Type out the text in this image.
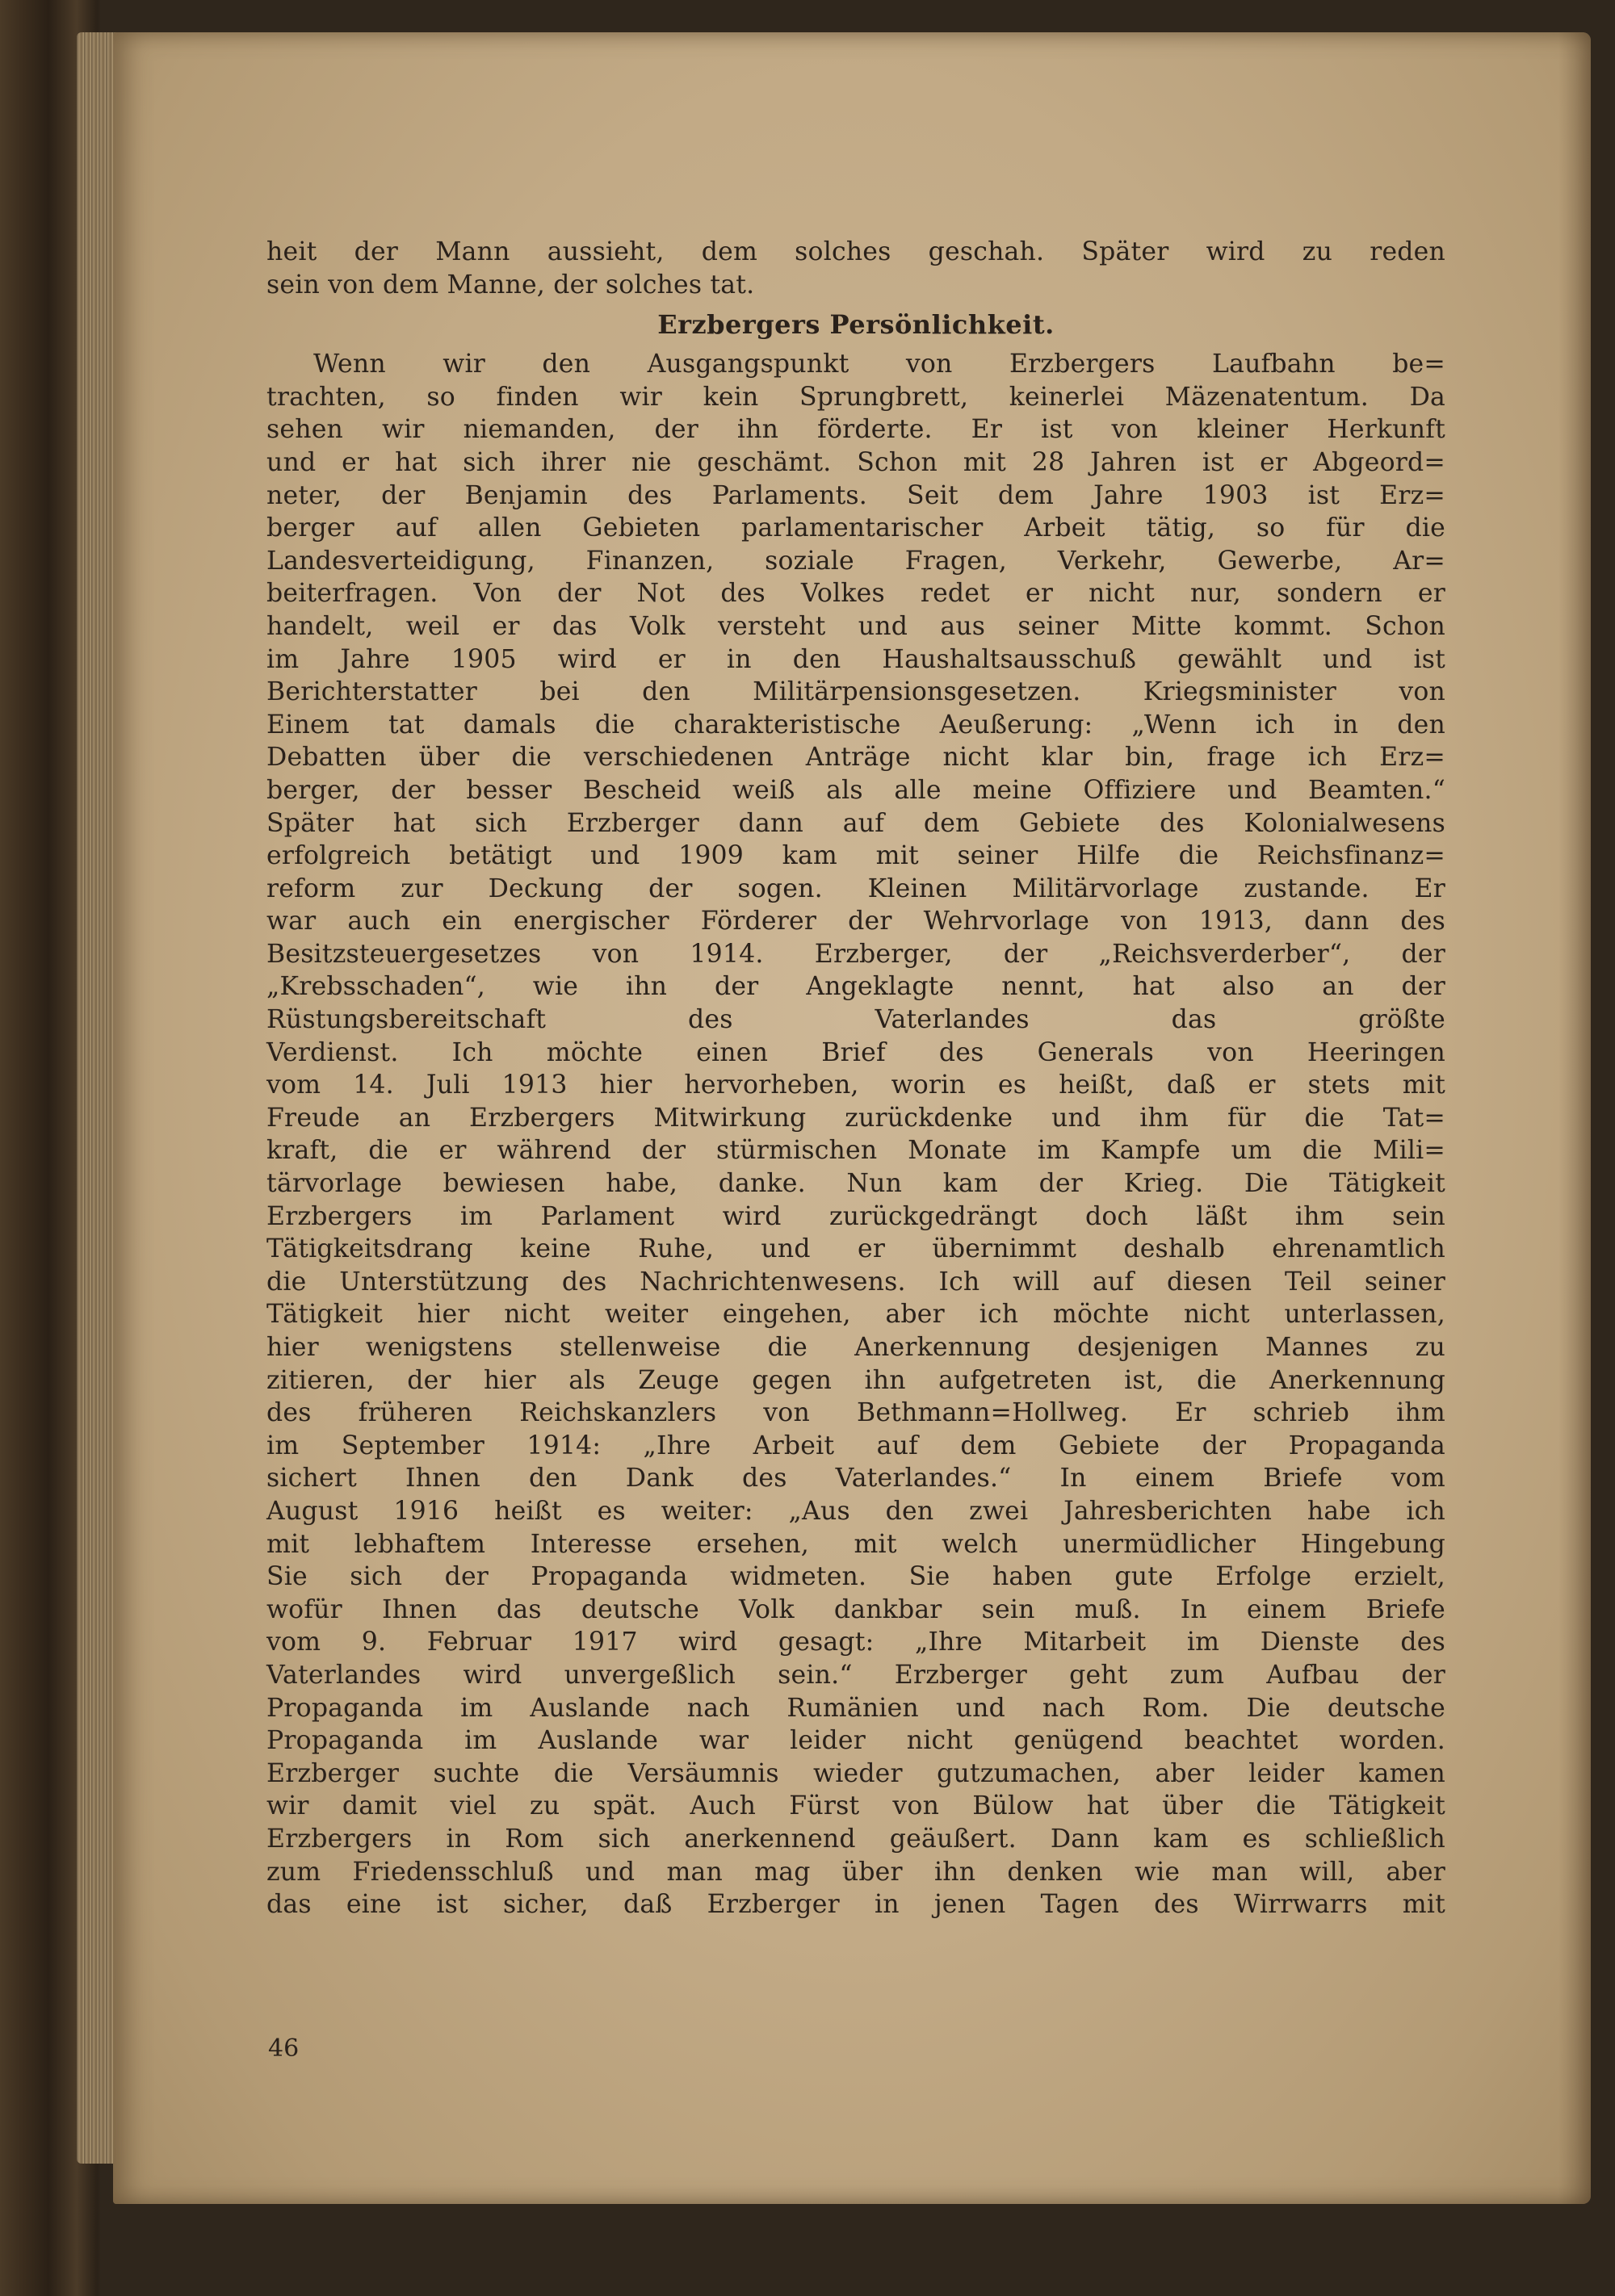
heit der Mann aussieht, dem solches geschah. Später wird zu reden
sein von dem Manne, der solches tat.
Erzbergers Persönlichkeit.
Wenn wir den Ausgangspunkt von Erzbergers Laufbahn be=
trachten, so finden wir kein Sprungbrett, keinerlei Mäzenatentum. Da
sehen wir niemanden, der ihn förderte. Er ist von kleiner Herkunft
und er hat sich ihrer nie geschämt. Schon mit 28 Jahren ist er Abgeord=
neter, der Benjamin des Parlaments. Seit dem Jahre 1903 ist Erz=
berger auf allen Gebieten parlamentarischer Arbeit tätig, so für die
Landesverteidigung, Finanzen, soziale Fragen, Verkehr, Gewerbe, Ar=
beiterfragen. Von der Not des Volkes redet er nicht nur, sondern er
handelt, weil er das Volk versteht und aus seiner Mitte kommt. Schon
im Jahre 1905 wird er in den Haushaltsausschuß gewählt und ist
Berichterstatter bei den Militärpensionsgesetzen. Kriegsminister von
Einem tat damals die charakteristische Aeußerung: „Wenn ich in den
Debatten über die verschiedenen Anträge nicht klar bin, frage ich Erz=
berger, der besser Bescheid weiß als alle meine Offiziere und Beamten.“
Später hat sich Erzberger dann auf dem Gebiete des Kolonialwesens
erfolgreich betätigt und 1909 kam mit seiner Hilfe die Reichsfinanz=
reform zur Deckung der sogen. Kleinen Militärvorlage zustande. Er
war auch ein energischer Förderer der Wehrvorlage von 1913, dann des
Besitzsteuergesetzes von 1914. Erzberger, der „Reichsverderber“, der
„Krebsschaden“, wie ihn der Angeklagte nennt, hat also an der
Rüstungsbereitschaft des Vaterlandes das größte
Verdienst. Ich möchte einen Brief des Generals von Heeringen
vom 14. Juli 1913 hier hervorheben, worin es heißt, daß er stets mit
Freude an Erzbergers Mitwirkung zurückdenke und ihm für die Tat=
kraft, die er während der stürmischen Monate im Kampfe um die Mili=
tärvorlage bewiesen habe, danke. Nun kam der Krieg. Die Tätigkeit
Erzbergers im Parlament wird zurückgedrängt doch läßt ihm sein
Tätigkeitsdrang keine Ruhe, und er übernimmt deshalb ehrenamtlich
die Unterstützung des Nachrichtenwesens. Ich will auf diesen Teil seiner
Tätigkeit hier nicht weiter eingehen, aber ich möchte nicht unterlassen,
hier wenigstens stellenweise die Anerkennung desjenigen Mannes zu
zitieren, der hier als Zeuge gegen ihn aufgetreten ist, die Anerkennung
des früheren Reichskanzlers von Bethmann=Hollweg. Er schrieb ihm
im September 1914: „Ihre Arbeit auf dem Gebiete der Propaganda
sichert Ihnen den Dank des Vaterlandes.“ In einem Briefe vom
August 1916 heißt es weiter: „Aus den zwei Jahresberichten habe ich
mit lebhaftem Interesse ersehen, mit welch unermüdlicher Hingebung
Sie sich der Propaganda widmeten. Sie haben gute Erfolge erzielt,
wofür Ihnen das deutsche Volk dankbar sein muß. In einem Briefe
vom 9. Februar 1917 wird gesagt: „Ihre Mitarbeit im Dienste des
Vaterlandes wird unvergeßlich sein.“ Erzberger geht zum Aufbau der
Propaganda im Auslande nach Rumänien und nach Rom. Die deutsche
Propaganda im Auslande war leider nicht genügend beachtet worden.
Erzberger suchte die Versäumnis wieder gutzumachen, aber leider kamen
wir damit viel zu spät. Auch Fürst von Bülow hat über die Tätigkeit
Erzbergers in Rom sich anerkennend geäußert. Dann kam es schließlich
zum Friedensschluß und man mag über ihn denken wie man will, aber
das eine ist sicher, daß Erzberger in jenen Tagen des Wirrwarrs mit
46
